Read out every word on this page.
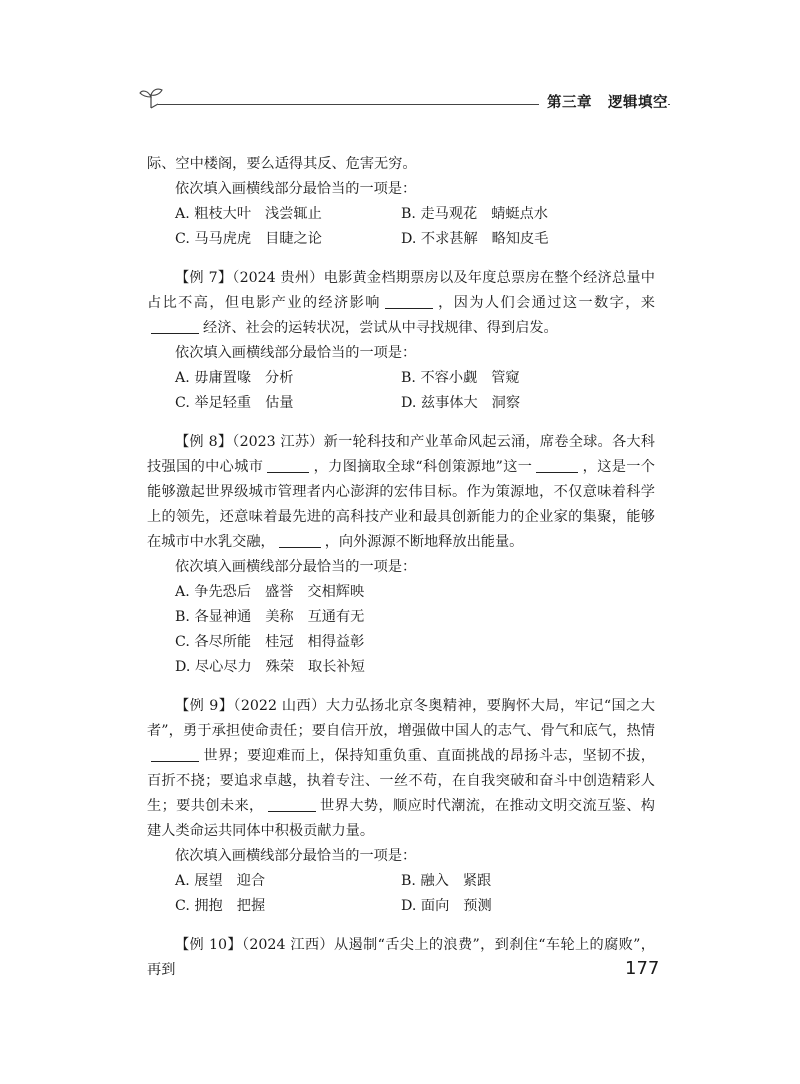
第三章 逻辑填空

际、空中楼阁，要么适得其反、危害无穷。

依次填入画横线部分最恰当的一项是：

A. 粗枝大叶 浅尝辄止	B. 走马观花 蜻蜓点水
C. 马马虎虎 目睫之论	D. 不求甚解 略知皮毛

【例 7】（2024 贵州）电影黄金档期票房以及年度总票房在整个经济总量中占比不高，但电影产业的经济影响	，因为人们会通过这一数字，来经济、社会的运转状况，尝试从中寻找规律、得到启发。

依次填入画横线部分最恰当的一项是：

A. 毋庸置喙 分析	B. 不容小觑 管窥
C. 举足轻重 估量	D. 兹事体大 洞察

【例 8】（2023 江苏）新一轮科技和产业革命风起云涌，席卷全球。各大科技强国的中心城市	，力图摘取全球“科创策源地”这一	，这是一个能够激起世界级城市管理者内心澎湃的宏伟目标。作为策源地，不仅意味着科学上的领先，还意味着最先进的高科技产业和最具创新能力的企业家的集聚，能够在城市中水乳交融，	，向外源源不断地释放出能量。

依次填入画横线部分最恰当的一项是：

A. 争先恐后 盛誉 交相辉映
B. 各显神通 美称 互通有无
C. 各尽所能 桂冠 相得益彰
D. 尽心尽力 殊荣 取长补短

【例 9】（2022 山西）大力弘扬北京冬奥精神，要胸怀大局，牢记“国之大者”，勇于承担使命责任；要自信开放，增强做中国人的志气、骨气和底气，热情世界；要迎难而上，保持知重负重、直面挑战的昂扬斗志，坚韧不拔，百折不挠；要追求卓越，执着专注、一丝不苟，在自我突破和奋斗中创造精彩人生；要共创未来，	世界大势，顺应时代潮流，在推动文明交流互鉴、构建人类命运共同体中积极贡献力量。

依次填入画横线部分最恰当的一项是：

A. 展望 迎合	B. 融入 紧跟
C. 拥抱 把握	D. 面向 预测

【例 10】（2024 江西）从遏制“舌尖上的浪费”，到刹住“车轮上的腐败”，再到	177
